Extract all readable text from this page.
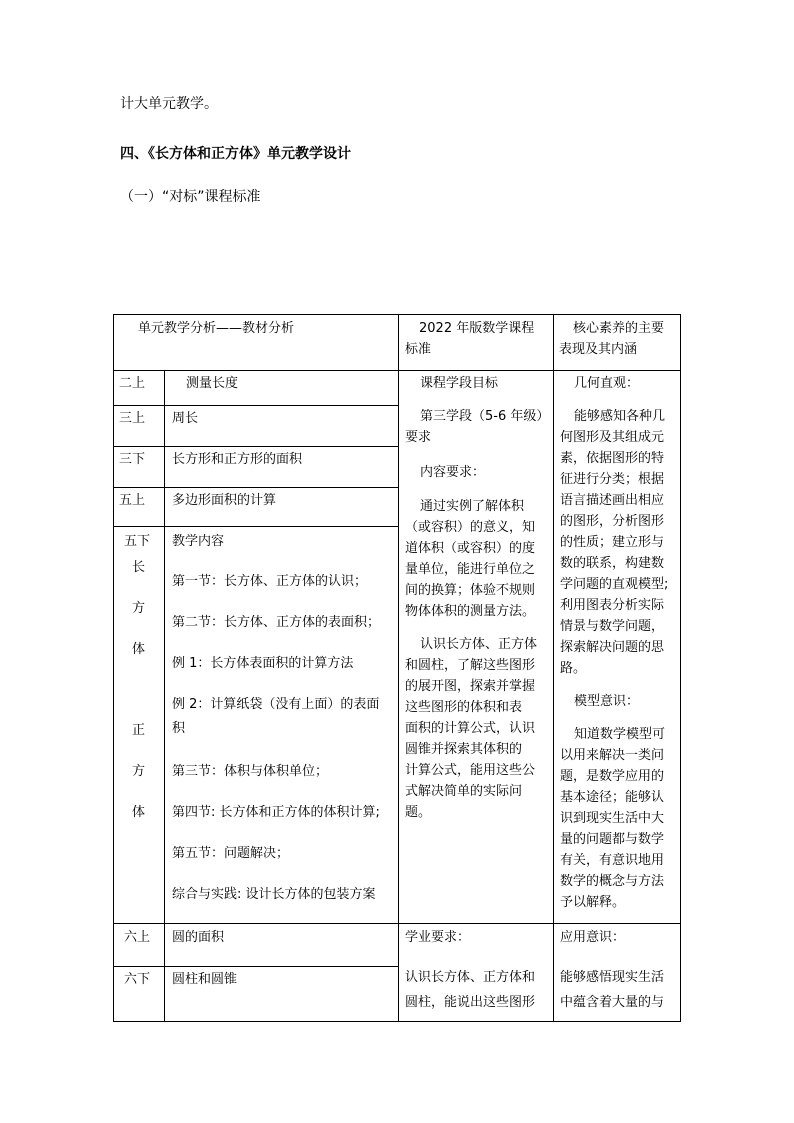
计大单元教学。
四、《长方体和正方体》单元教学设计
（一）“对标”课程标准
单元教学分析——教材分析	2022 年版数学课程
标准
核心素养的主要
表现及其内涵
二上	测量长度
三上 周长
三下 长方形和正方形的面积
五上 多边形面积的计算
五下
长
方
体
正
方
体
教学内容
第一节：长方体、正方体的认识；
第二节：长方体、正方体的表面积；
例 1：长方体表面积的计算方法
例 2：计算纸袋（没有上面）的表面
积
第三节：体积与体积单位；
第四节: 长方体和正方体的体积计算;
第五节：问题解决；
综合与实践: 设计长方体的包装方案
课程学段目标
第三学段（5-6 年级）
要求
内容要求：
通过实例了解体积
（或容积）的意义，知
道体积（或容积）的度
量单位，能进行单位之
间的换算；体验不规则
物体体积的测量方法。
认识长方体、正方体
和圆柱，了解这些图形
的展开图，探索并掌握
这些图形的体积和表
面积的计算公式，认识
圆锥并探索其体积的
计算公式，能用这些公
式解决简单的实际问
题。
几何直观：
能够感知各种几
何图形及其组成元
素，依据图形的特
征进行分类；根据
语言描述画出相应
的图形，分析图形
的性质；建立形与
数的联系，构建数
学问题的直观模型;
利用图表分析实际
情景与数学问题，
探索解决问题的思
路。
模型意识：
知道数学模型可
以用来解决一类问
题，是数学应用的
基本途径；能够认
识到现实生活中大
量的问题都与数学
有关，有意识地用
数学的概念与方法
予以解释。
六上 圆的面积
六下 圆柱和圆锥
学业要求：
认识长方体、正方体和
圆柱，能说出这些图形
应用意识：
能够感悟现实生活
中蕴含着大量的与
